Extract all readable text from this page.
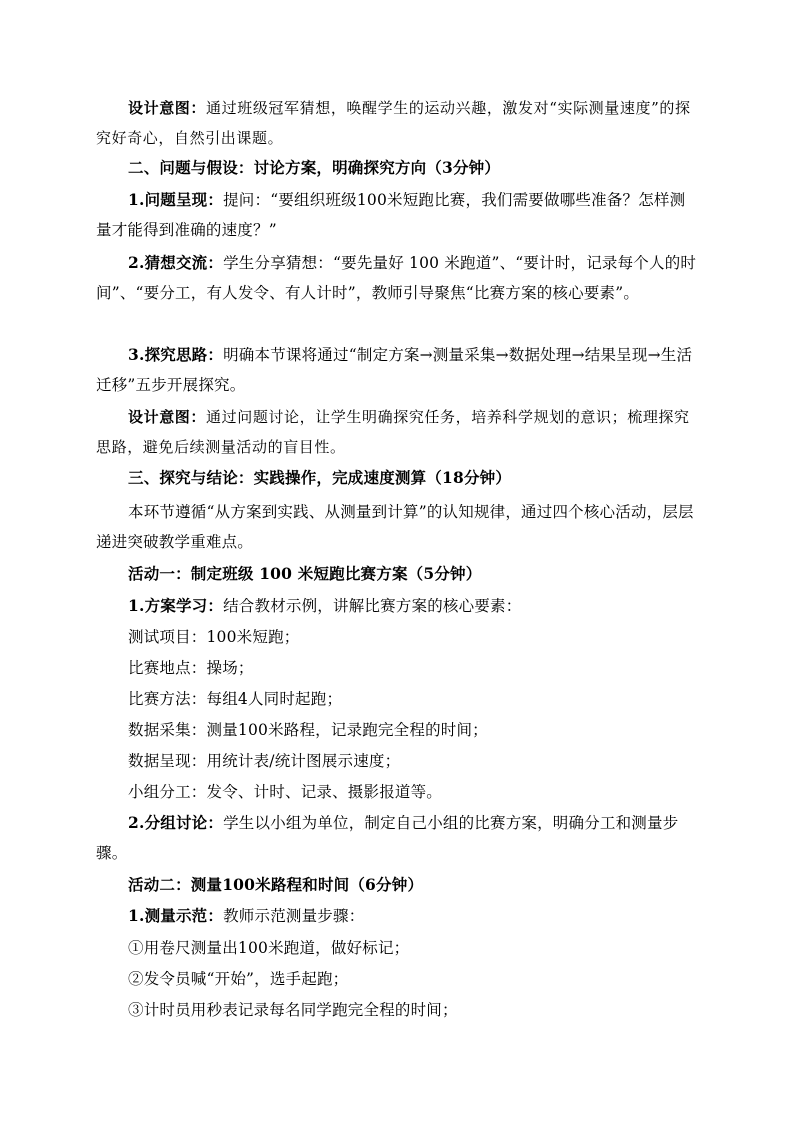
设计意图：通过班级冠军猜想，唤醒学生的运动兴趣，激发对“实际测量速度”的探究好奇心，自然引出课题。

二、问题与假设：讨论方案，明确探究方向（3分钟）

1.问题呈现：提问：“要组织班级100米短跑比赛，我们需要做哪些准备？怎样测量才能得到准确的速度？”

2.猜想交流：学生分享猜想：“要先量好 100 米跑道”、“要计时，记录每个人的时间”、“要分工，有人发令、有人计时”，教师引导聚焦“比赛方案的核心要素”。

3.探究思路：明确本节课将通过“制定方案→测量采集→数据处理→结果呈现→生活迁移”五步开展探究。

设计意图：通过问题讨论，让学生明确探究任务，培养科学规划的意识；梳理探究思路，避免后续测量活动的盲目性。

三、探究与结论：实践操作，完成速度测算（18分钟）

本环节遵循“从方案到实践、从测量到计算”的认知规律，通过四个核心活动，层层递进突破教学重难点。

活动一：制定班级 100 米短跑比赛方案（5分钟）

1.方案学习：结合教材示例，讲解比赛方案的核心要素：

测试项目：100米短跑；

比赛地点：操场；

比赛方法：每组4人同时起跑；

数据采集：测量100米路程，记录跑完全程的时间；

数据呈现：用统计表/统计图展示速度；

小组分工：发令、计时、记录、摄影报道等。

2.分组讨论：学生以小组为单位，制定自己小组的比赛方案，明确分工和测量步骤。

活动二：测量100米路程和时间（6分钟）

1.测量示范：教师示范测量步骤：

①用卷尺测量出100米跑道，做好标记；

②发令员喊“开始”，选手起跑；

③计时员用秒表记录每名同学跑完全程的时间；
